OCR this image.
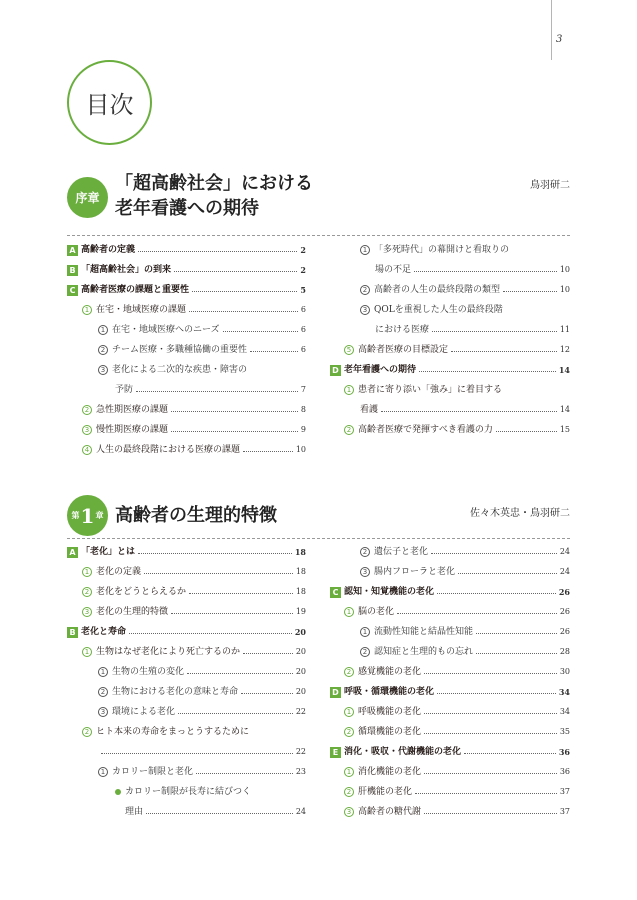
3
目次
序章
「超高齢社会」における
老年看護への期待
鳥羽研二
A 高齢者の定義	2
B 「超高齢社会」の到来	2
C 高齢者医療の課題と重要性	5
1 在宅・地域医療の課題	6
1 在宅・地域医療へのニーズ	6
2 チーム医療・多職種協働の重要性	6
3 老化による二次的な疾患・障害の
予防	7
2 急性期医療の課題	8
3 慢性期医療の課題	9
4 人生の最終段階における医療の課題	10
1 「多死時代」の幕開けと看取りの
場の不足	10
2 高齢者の人生の最終段階の類型	10
3 QOLを重視した人生の最終段階
における医療	11
5 高齢者医療の目標設定	12
D 老年看護への期待	14
1 患者に寄り添い「強み」に着目する
看護	14
2 高齢者医療で発揮すべき看護の力	15
第 1 章 高齢者の生理的特徴	佐々木英忠・鳥羽研二
A 「老化」とは	18
1 老化の定義	18
2 老化をどうとらえるか	18
3 老化の生理的特徴	19
B 老化と寿命	20
1 生物はなぜ老化により死亡するのか	20
1 生物の生殖の変化	20
2 生物における老化の意味と寿命	20
3 環境による老化	22
2 ヒト本来の寿命をまっとうするために
22
1 カロリー制限と老化	23
カロリー制限が長寿に結びつく
理由	24
2 遺伝子と老化	24
3 腸内フローラと老化	24
C 認知・知覚機能の老化	26
1 脳の老化	26
1 流動性知能と結晶性知能	26
2 認知症と生理的もの忘れ	28
2 感覚機能の老化	30
D 呼吸・循環機能の老化	34
1 呼吸機能の老化	34
2 循環機能の老化	35
E 消化・吸収・代謝機能の老化	36
1 消化機能の老化	36
2 肝機能の老化	37
3 高齢者の糖代謝	37
